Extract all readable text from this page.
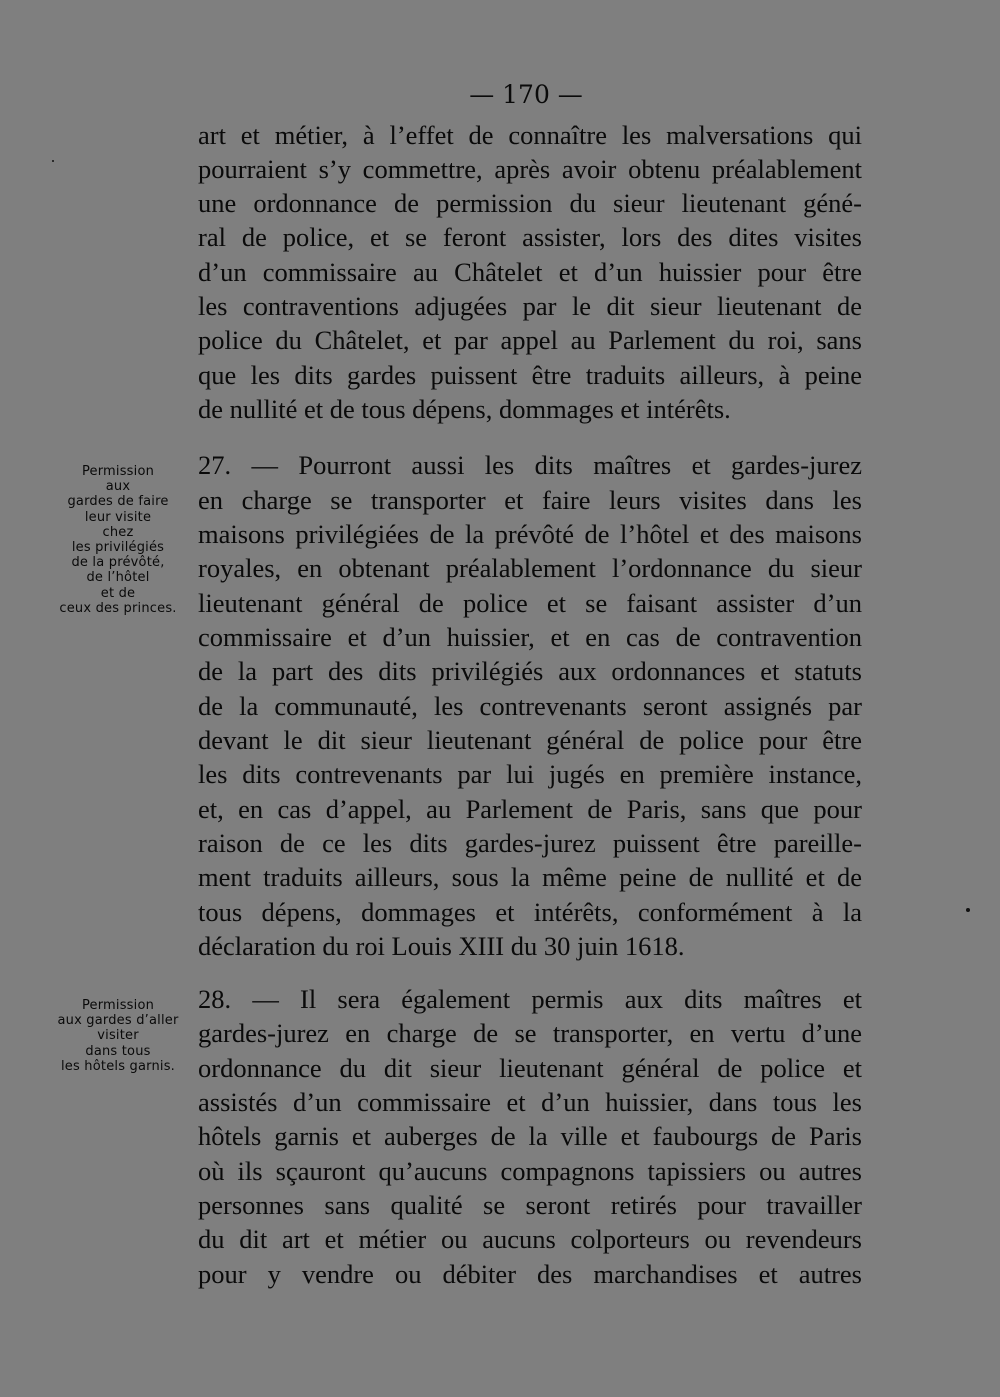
— 170 —
art et métier, à l’effet de connaître les malversations qui
pourraient s’y commettre, après avoir obtenu préalablement
une ordonnance de permission du sieur lieutenant géné-
ral de police, et se feront assister, lors des dites visites
d’un commissaire au Châtelet et d’un huissier pour être
les contraventions adjugées par le dit sieur lieutenant de
police du Châtelet, et par appel au Parlement du roi, sans
que les dits gardes puissent être traduits ailleurs, à peine
de nullité et de tous dépens, dommages et intérêts.
27. — Pourront aussi les dits maîtres et gardes-jurez
en charge se transporter et faire leurs visites dans les
maisons privilégiées de la prévôté de l’hôtel et des maisons
royales, en obtenant préalablement l’ordonnance du sieur
lieutenant général de police et se faisant assister d’un
commissaire et d’un huissier, et en cas de contravention
de la part des dits privilégiés aux ordonnances et statuts
de la communauté, les contrevenants seront assignés par
devant le dit sieur lieutenant général de police pour être
les dits contrevenants par lui jugés en première instance,
et, en cas d’appel, au Parlement de Paris, sans que pour
raison de ce les dits gardes-jurez puissent être pareille-
ment traduits ailleurs, sous la même peine de nullité et de
tous dépens, dommages et intérêts, conformément à la
déclaration du roi Louis XIII du 30 juin 1618.
28. — Il sera également permis aux dits maîtres et
gardes-jurez en charge de se transporter, en vertu d’une
ordonnance du dit sieur lieutenant général de police et
assistés d’un commissaire et d’un huissier, dans tous les
hôtels garnis et auberges de la ville et faubourgs de Paris
où ils sçauront qu’aucuns compagnons tapissiers ou autres
personnes sans qualité se seront retirés pour travailler
du dit art et métier ou aucuns colporteurs ou revendeurs
pour y vendre ou débiter des marchandises et autres
Permission
aux
gardes de faire
leur visite
chez
les privilégiés
de la prévôté,
de l’hôtel
et de
ceux des princes.
Permission
aux gardes d’aller
visiter
dans tous
les hôtels garnis.
